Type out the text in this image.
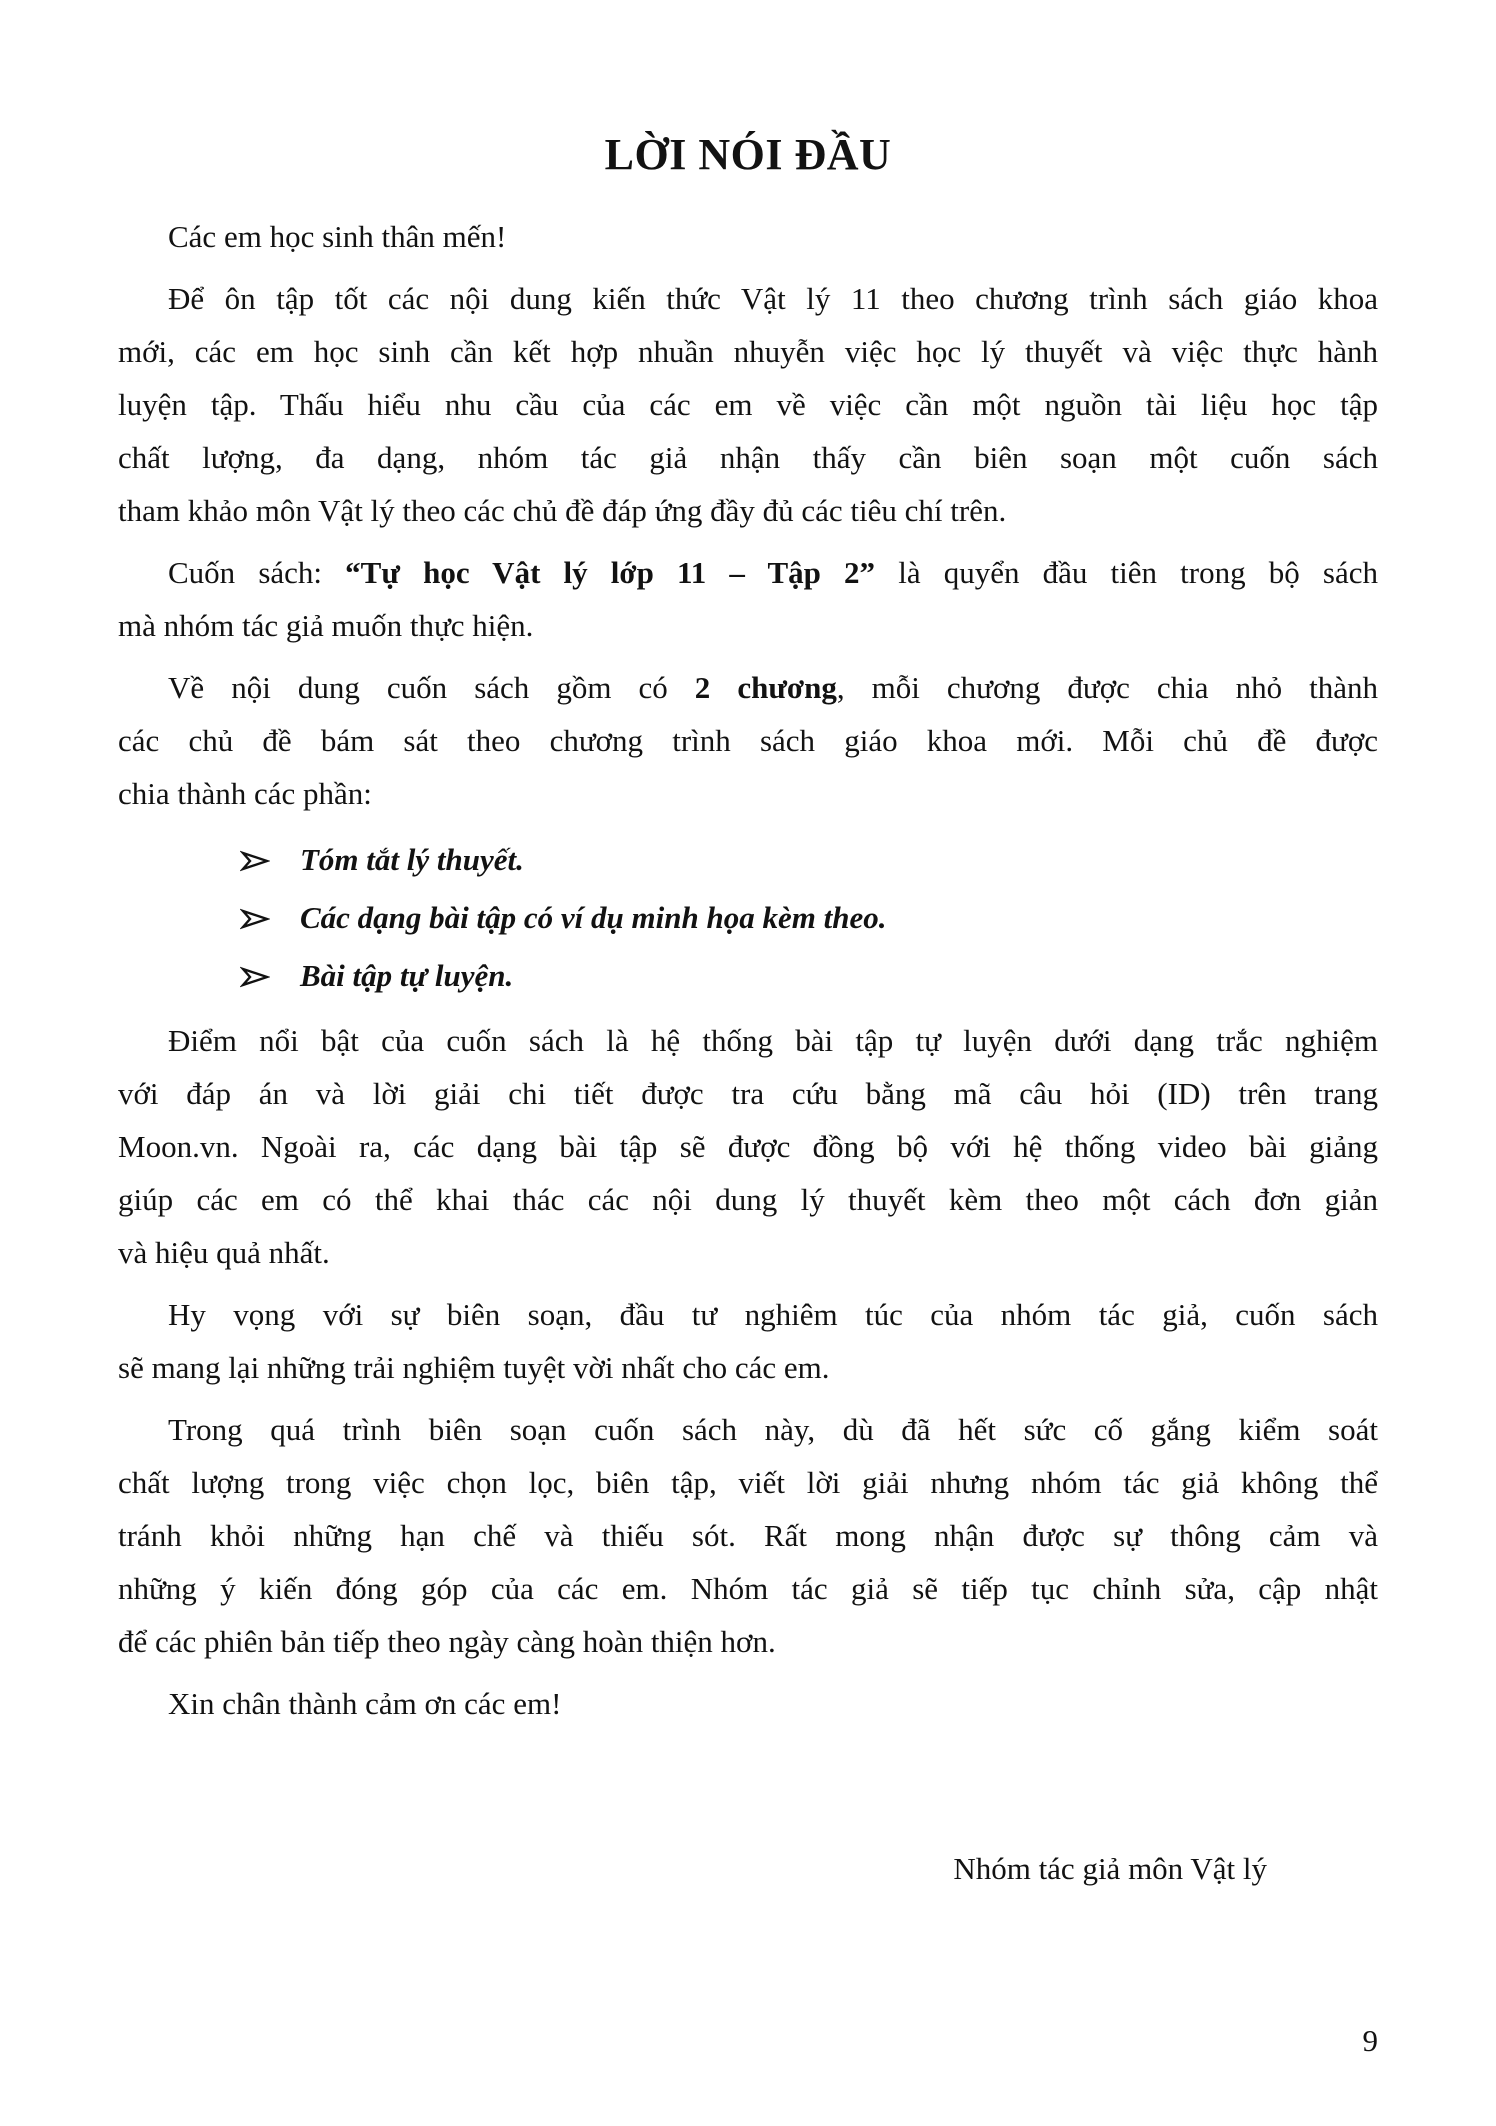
LỜI NÓI ĐẦU
Các em học sinh thân mến!
Để ôn tập tốt các nội dung kiến thức Vật lý 11 theo chương trình sách giáo khoa
mới, các em học sinh cần kết hợp nhuần nhuyễn việc học lý thuyết và việc thực hành
luyện tập. Thấu hiểu nhu cầu của các em về việc cần một nguồn tài liệu học tập
chất lượng, đa dạng, nhóm tác giả nhận thấy cần biên soạn một cuốn sách
tham khảo môn Vật lý theo các chủ đề đáp ứng đầy đủ các tiêu chí trên.
Cuốn sách: “Tự học Vật lý lớp 11 – Tập 2” là quyển đầu tiên trong bộ sách
mà nhóm tác giả muốn thực hiện.
Về nội dung cuốn sách gồm có 2 chương, mỗi chương được chia nhỏ thành
các chủ đề bám sát theo chương trình sách giáo khoa mới. Mỗi chủ đề được
chia thành các phần:
Tóm tắt lý thuyết.
Các dạng bài tập có ví dụ minh họa kèm theo.
Bài tập tự luyện.
Điểm nổi bật của cuốn sách là hệ thống bài tập tự luyện dưới dạng trắc nghiệm
với đáp án và lời giải chi tiết được tra cứu bằng mã câu hỏi (ID) trên trang
Moon.vn. Ngoài ra, các dạng bài tập sẽ được đồng bộ với hệ thống video bài giảng
giúp các em có thể khai thác các nội dung lý thuyết kèm theo một cách đơn giản
và hiệu quả nhất.
Hy vọng với sự biên soạn, đầu tư nghiêm túc của nhóm tác giả, cuốn sách
sẽ mang lại những trải nghiệm tuyệt vời nhất cho các em.
Trong quá trình biên soạn cuốn sách này, dù đã hết sức cố gắng kiểm soát
chất lượng trong việc chọn lọc, biên tập, viết lời giải nhưng nhóm tác giả không thể
tránh khỏi những hạn chế và thiếu sót. Rất mong nhận được sự thông cảm và
những ý kiến đóng góp của các em. Nhóm tác giả sẽ tiếp tục chỉnh sửa, cập nhật
để các phiên bản tiếp theo ngày càng hoàn thiện hơn.
Xin chân thành cảm ơn các em!
Nhóm tác giả môn Vật lý
9
